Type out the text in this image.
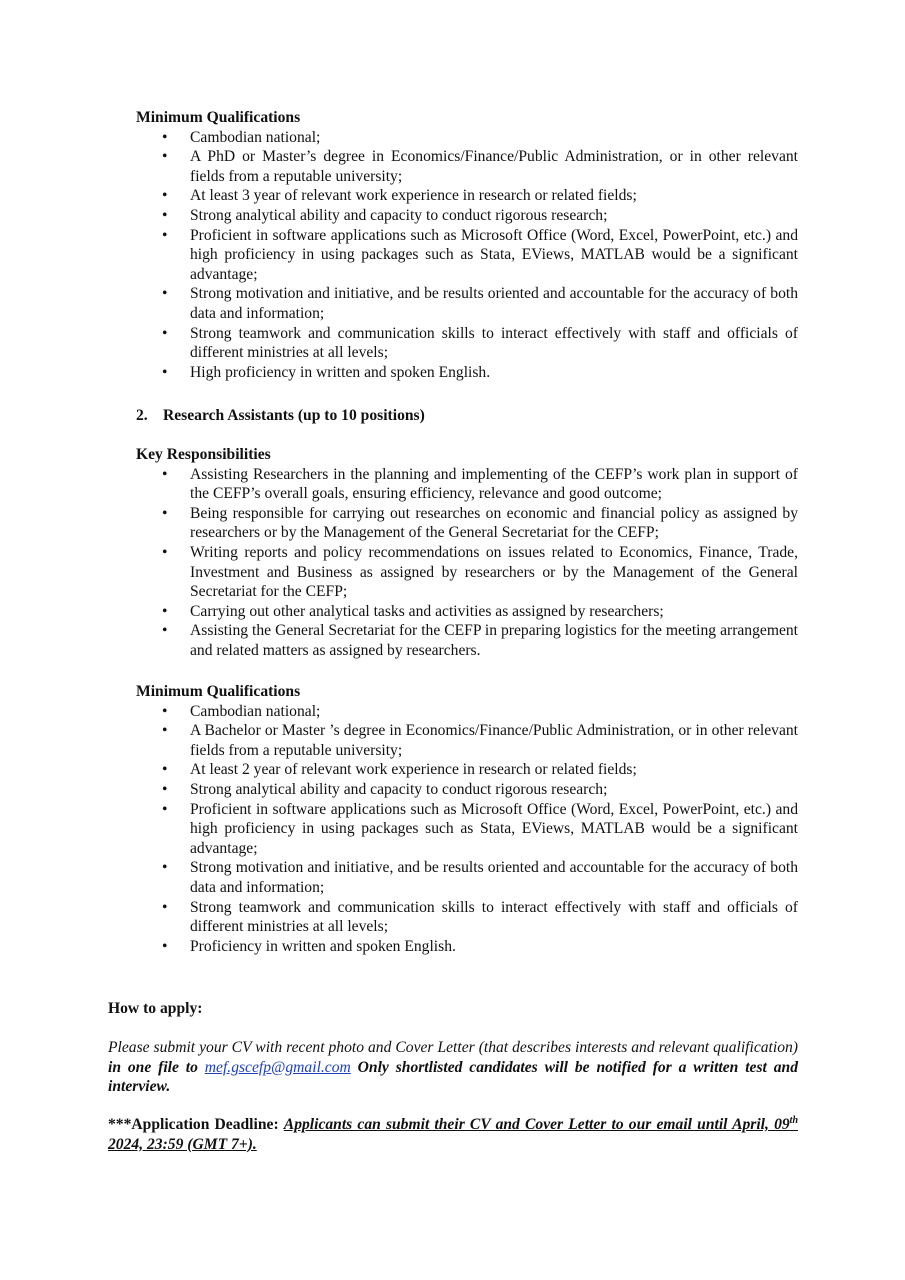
Minimum Qualifications

• Cambodian national;
• A PhD or Master’s degree in Economics/Finance/Public Administration, or in other relevant fields from a reputable university;
• At least 3 year of relevant work experience in research or related fields;
• Strong analytical ability and capacity to conduct rigorous research;
• Proficient in software applications such as Microsoft Office (Word, Excel, PowerPoint, etc.) and high proficiency in using packages such as Stata, EViews, MATLAB would be a significant advantage;
• Strong motivation and initiative, and be results oriented and accountable for the accuracy of both data and information;
• Strong teamwork and communication skills to interact effectively with staff and officials of different ministries at all levels;
• High proficiency in written and spoken English.
2. Research Assistants (up to 10 positions)

Key Responsibilities

• Assisting Researchers in the planning and implementing of the CEFP’s work plan in support of the CEFP’s overall goals, ensuring efficiency, relevance and good outcome;
• Being responsible for carrying out researches on economic and financial policy as assigned by researchers or by the Management of the General Secretariat for the CEFP;
• Writing reports and policy recommendations on issues related to Economics, Finance, Trade, Investment and Business as assigned by researchers or by the Management of the General Secretariat for the CEFP;
• Carrying out other analytical tasks and activities as assigned by researchers;
• Assisting the General Secretariat for the CEFP in preparing logistics for the meeting arrangement and related matters as assigned by researchers.

Minimum Qualifications

• Cambodian national;
• A Bachelor or Master ’s degree in Economics/Finance/Public Administration, or in other relevant fields from a reputable university;
• At least 2 year of relevant work experience in research or related fields;
• Strong analytical ability and capacity to conduct rigorous research;
• Proficient in software applications such as Microsoft Office (Word, Excel, PowerPoint, etc.) and high proficiency in using packages such as Stata, EViews, MATLAB would be a significant advantage;
• Strong motivation and initiative, and be results oriented and accountable for the accuracy of both data and information;
• Strong teamwork and communication skills to interact effectively with staff and officials of different ministries at all levels;
• Proficiency in written and spoken English.

How to apply:

Please submit your CV with recent photo and Cover Letter (that describes interests and relevant qualification) in one file to mef.gscefp@gmail.com Only shortlisted candidates will be notified for a written test and interview.

***Application Deadline: Applicants can submit their CV and Cover Letter to our email until April, 09th 2024, 23:59 (GMT 7+).
